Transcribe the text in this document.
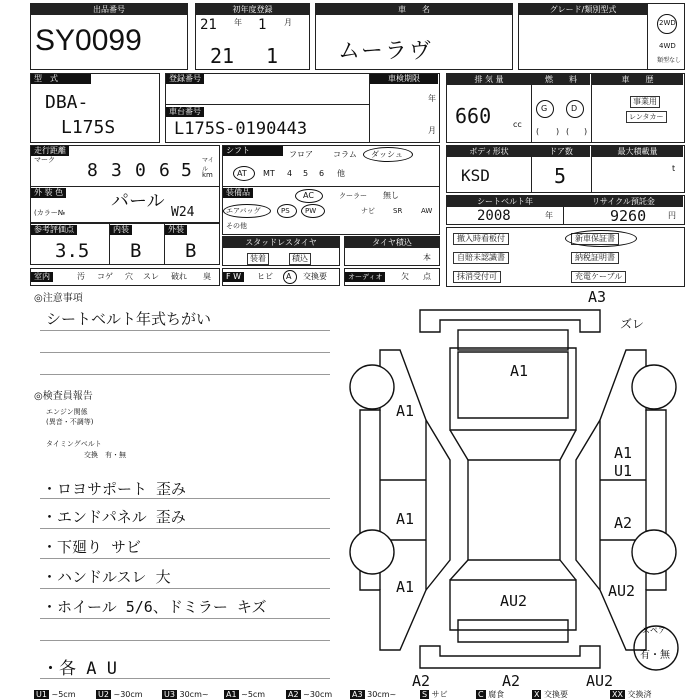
出品番号
SY0099
初年度登録
21 年 1 月
21 1
車　　名
ムーラヴ
グレード/類別型式
2WD
4WD
類型なし
型　式
DBA-
L175S
登録番号	車検期限
年
月
車台番号
L175S-0190443
排 気 量
660	cc
燃　　料
G	D
( ) ( )
車　　歴
事業用
レンタカー
走行距離
マーク 8 3 0 6 5 マイル
km
シフト	フロア	コラム ダッシュ
AT MT 4 5 6 他
ボディ形状
KSD
ドア数
5
最大積載量
t
外 装 色	パール
(カラー№	W24
装備品	AC	クーラー 無し
エアバッグ	PS PW	ナビ	SR	AW
その他
シートベルト年
2008	年
リサイクル預託金
9260	円
参考評価点
3.5
内装
B
外装
B	スタッドレスタイヤ
装着	積込
タイヤ積込
本
撤入時看板付	新車保証書
自賠未認識書	納税証明書
抹消受付可	充電ケーブル
室内	汚 コゲ 穴 スレ 破れ 臭	F W	ヒビ A 交換要	オーディオ	欠 点
◎注意事項
シートベルト年式ちがい
◎検査員報告
エンジン関係
(異音・不調等)
タイミングベルト
交換　有・無
・ロヨサポート 歪み
・エンドパネル 歪み
・下廻り サビ
・ハンドルスレ 大
・ホイール 5/6、ドミラー キズ
・各 A U
A3
ズレ
A1
A1
A1
U1
A1	A2
A1	AU2
AU2
A2	A2	AU2
スペア
有・無
U1 ~5cm	U2 ~30cm	U3 30cm~ A1 ~5cm	A2 ~30cm A3 30cm~	S サビ	C 腐食	X 交換要	XX 交換済
